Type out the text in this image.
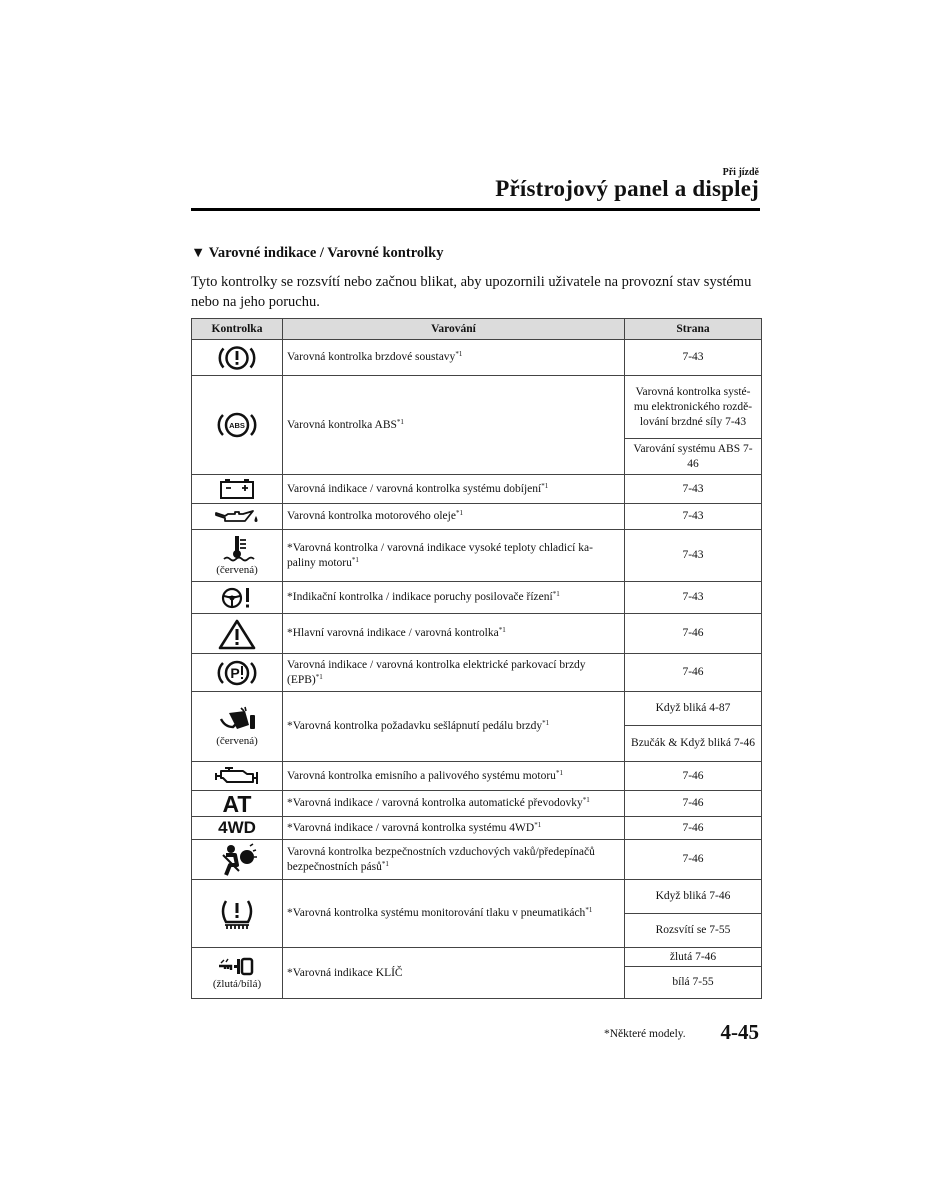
Při jízdě
Přístrojový panel a displej
▼ Varovné indikace / Varovné kontrolky
Tyto kontrolky se rozsvítí nebo začnou blikat, aby upozornili uživatele na provozní stav systému nebo na jeho poruchu.
Kontrolka	Varování	Strana

	Varovná kontrolka brzdové soustavy$^{*1}$	7-43

ABS	Varovná kontrolka ABS$^{*1}$	Varovná kontrolka systé-mu elektronického rozdě-lování brzdné síly 7-43
		Varování systému ABS 7-46

	Varovná indikace / varovná kontrolka systému dobíjení$^{*1}$	7-43

	Varovná kontrolka motorového oleje$^{*1}$	7-43

(červená)	*Varovná kontrolka / varovná indikace vysoké teploty chladicí ka-paliny motoru$^{*1}$	7-43

	*Indikační kontrolka / indikace poruchy posilovače řízení$^{*1}$	7-43

	*Hlavní varovná indikace / varovná kontrolka$^{*1}$	7-46

P	Varovná indikace / varovná kontrolka elektrické parkovací brzdy (EPB)$^{*1}$	7-46

(červená)	*Varovná kontrolka požadavku sešlápnutí pedálu brzdy$^{*1}$	Když bliká 4-87
		Bzučák & Když bliká 7-46

	Varovná kontrolka emisního a palivového systému motoru$^{*1}$	7-46

AT	*Varovná indikace / varovná kontrolka automatické převodovky$^{*1}$	7-46

4WD	*Varovná indikace / varovná kontrolka systému 4WD$^{*1}$	7-46

	Varovná kontrolka bezpečnostních vzduchových vaků/předepínačů bezpečnostních pásů$^{*1}$	7-46

	*Varovná kontrolka systému monitorování tlaku v pneumatikách$^{*1}$	Když bliká 7-46
		Rozsvítí se 7-55

(žlutá/bílá)	*Varovná indikace KLÍČ	žlutá 7-46
		bílá 7-55
*Některé modely. 4-45
